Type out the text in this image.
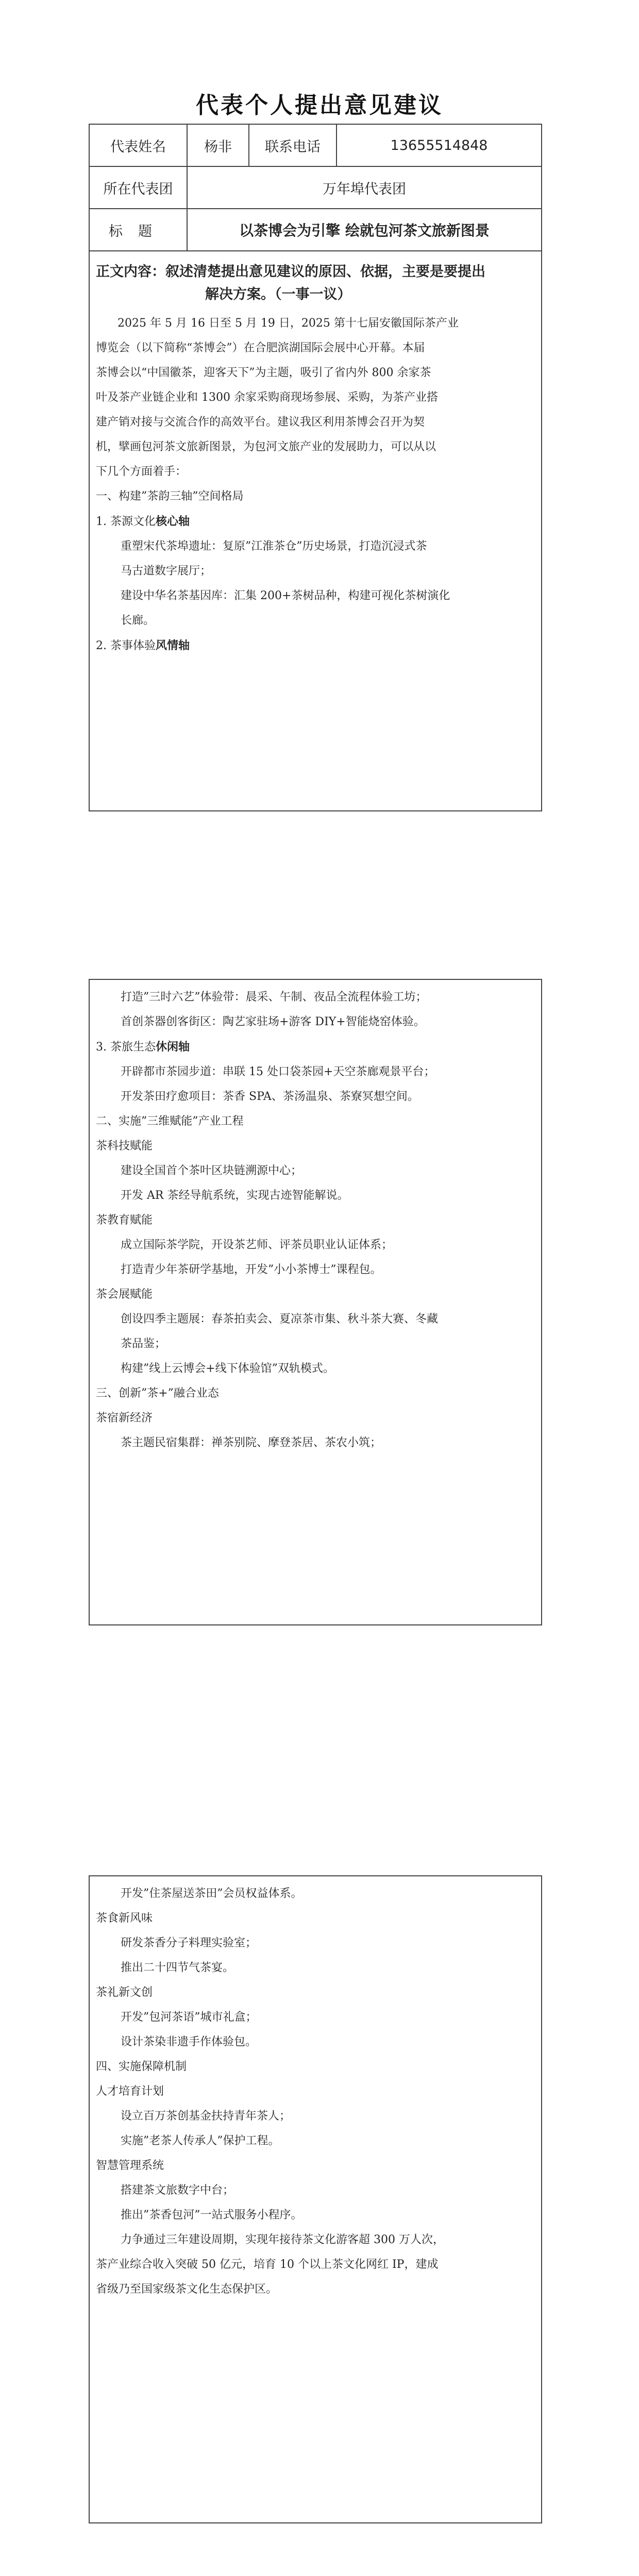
代表个人提出意见建议
代表姓名	杨非	联系电话	13655514848
所在代表团	万年埠代表团
标题	以茶博会为引擎 绘就包河茶文旅新图景
正文内容：叙述清楚提出意见建议的原因、依据，主要是要提出
解决方案。（一事一议）

2025 年 5 月 16 日至 5 月 19 日，2025 第十七届安徽国际茶产业

博览会（以下简称“茶博会”）在合肥滨湖国际会展中心开幕。本届

茶博会以“中国徽茶，迎客天下”为主题，吸引了省内外 800 余家茶

叶及茶产业链企业和 1300 余家采购商现场参展、采购，为茶产业搭

建产销对接与交流合作的高效平台。建议我区利用茶博会召开为契

机，擘画包河茶文旅新图景，为包河文旅产业的发展助力，可以从以

下几个方面着手：

一、构建”茶韵三轴”空间格局

1. 茶源文化核心轴

重塑宋代茶埠遗址：复原”江淮茶仓”历史场景，打造沉浸式茶

马古道数字展厅；

建设中华名茶基因库：汇集 200+茶树品种，构建可视化茶树演化

长廊。

2. 茶事体验风情轴

打造”三时六艺”体验带：晨采、午制、夜品全流程体验工坊；

首创茶器创客街区：陶艺家驻场+游客 DIY+智能烧窑体验。

3. 茶旅生态休闲轴

开辟都市茶园步道：串联 15 处口袋茶园+天空茶廊观景平台；

开发茶田疗愈项目：茶香 SPA、茶汤温泉、茶寮冥想空间。

二、实施”三维赋能”产业工程

茶科技赋能

建设全国首个茶叶区块链溯源中心；

开发 AR 茶经导航系统，实现古迹智能解说。

茶教育赋能

成立国际茶学院，开设茶艺师、评茶员职业认证体系；

打造青少年茶研学基地，开发”小小茶博士”课程包。

茶会展赋能

创设四季主题展：春茶拍卖会、夏凉茶市集、秋斗茶大赛、冬藏

茶品鉴；

构建”线上云博会+线下体验馆”双轨模式。

三、创新”茶+”融合业态

茶宿新经济

茶主题民宿集群：禅茶别院、摩登茶居、茶农小筑；

开发”住茶屋送茶田”会员权益体系。

茶食新风味

研发茶香分子料理实验室；

推出二十四节气茶宴。

茶礼新文创

开发”包河茶语”城市礼盒；

设计茶染非遗手作体验包。

四、实施保障机制

人才培育计划

设立百万茶创基金扶持青年茶人；

实施”老茶人传承人”保护工程。

智慧管理系统

搭建茶文旅数字中台；

推出”茶香包河”一站式服务小程序。

力争通过三年建设周期，实现年接待茶文化游客超 300 万人次，

茶产业综合收入突破 50 亿元，培育 10 个以上茶文化网红 IP，建成

省级乃至国家级茶文化生态保护区。
